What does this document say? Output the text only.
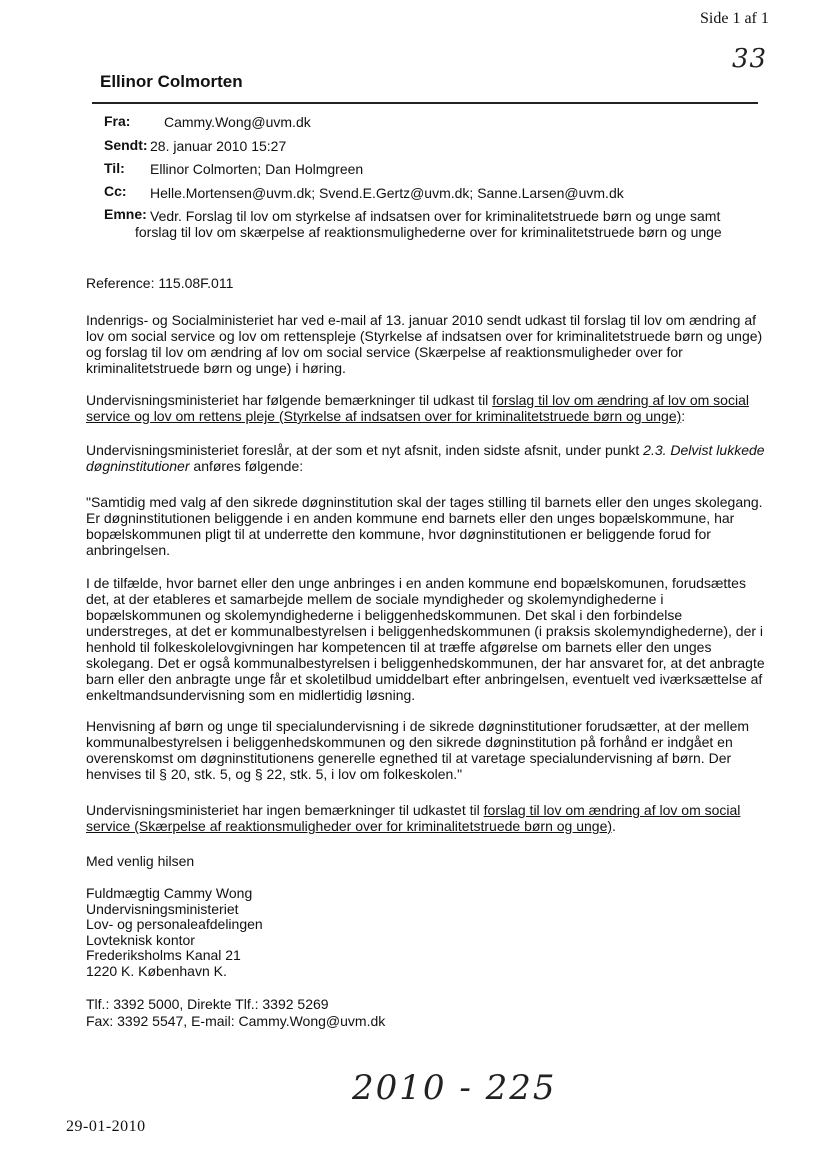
Side 1 af 1
33
Ellinor Colmorten
Fra: Cammy.Wong@uvm.dk
Sendt: 28. januar 2010 15:27
Til: Ellinor Colmorten; Dan Holmgreen
Cc: Helle.Mortensen@uvm.dk; Svend.E.Gertz@uvm.dk; Sanne.Larsen@uvm.dk
Emne: Vedr. Forslag til lov om styrkelse af indsatsen over for kriminalitetstruede børn og unge samt
forslag til lov om skærpelse af reaktionsmulighederne over for kriminalitetstruede børn og unge

Reference: 115.08F.011

Indenrigs- og Socialministeriet har ved e-mail af 13. januar 2010 sendt udkast til forslag til lov om ændring af

lov om social service og lov om rettenspleje (Styrkelse af indsatsen over for kriminalitetstruede børn og unge)

og forslag til lov om ændring af lov om social service (Skærpelse af reaktionsmuligheder over for

kriminalitetstruede børn og unge) i høring.

Undervisningsministeriet har følgende bemærkninger til udkast til forslag til lov om ændring af lov om social

service og lov om rettens pleje (Styrkelse af indsatsen over for kriminalitetstruede børn og unge):

Undervisningsministeriet foreslår, at der som et nyt afsnit, inden sidste afsnit, under punkt 2.3. Delvist lukkede

døgninstitutioner anføres følgende:

"Samtidig med valg af den sikrede døgninstitution skal der tages stilling til barnets eller den unges skolegang.

Er døgninstitutionen beliggende i en anden kommune end barnets eller den unges bopælskommune, har

bopælskommunen pligt til at underrette den kommune, hvor døgninstitutionen er beliggende forud for

anbringelsen.

I de tilfælde, hvor barnet eller den unge anbringes i en anden kommune end bopælskomunen, forudsættes

det, at der etableres et samarbejde mellem de sociale myndigheder og skolemyndighederne i

bopælskommunen og skolemyndighederne i beliggenhedskommunen. Det skal i den forbindelse

understreges, at det er kommunalbestyrelsen i beliggenhedskommunen (i praksis skolemyndighederne), der i

henhold til folkeskolelovgivningen har kompetencen til at træffe afgørelse om barnets eller den unges

skolegang. Det er også kommunalbestyrelsen i beliggenhedskommunen, der har ansvaret for, at det anbragte

barn eller den anbragte unge får et skoletilbud umiddelbart efter anbringelsen, eventuelt ved iværksættelse af

enkeltmandsundervisning som en midlertidig løsning.

Henvisning af børn og unge til specialundervisning i de sikrede døgninstitutioner forudsætter, at der mellem

kommunalbestyrelsen i beliggenhedskommunen og den sikrede døgninstitution på forhånd er indgået en

overenskomst om døgninstitutionens generelle egnethed til at varetage specialundervisning af børn. Der

henvises til § 20, stk. 5, og § 22, stk. 5, i lov om folkeskolen."

Undervisningsministeriet har ingen bemærkninger til udkastet til forslag til lov om ændring af lov om social

service (Skærpelse af reaktionsmuligheder over for kriminalitetstruede børn og unge).

Med venlig hilsen

Fuldmægtig Cammy Wong

Undervisningsministeriet

Lov- og personaleafdelingen

Lovteknisk kontor

Frederiksholms Kanal 21

1220 K. København K.

Tlf.: 3392 5000, Direkte Tlf.: 3392 5269

Fax: 3392 5547, E-mail: Cammy.Wong@uvm.dk

2010 - 225
29-01-2010
